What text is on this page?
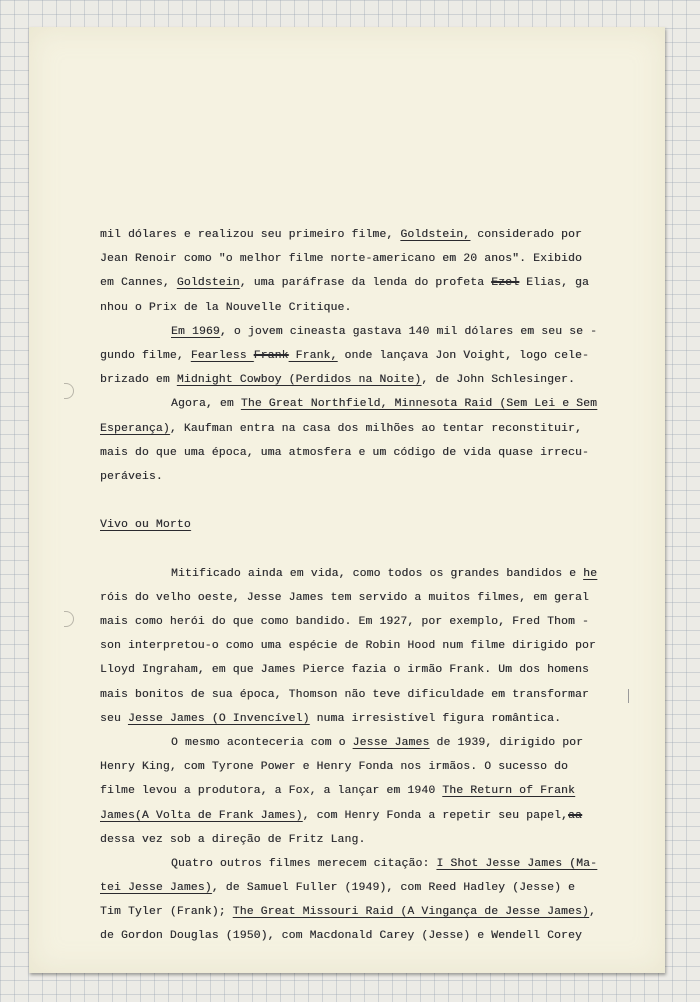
mil dólares e realizou seu primeiro filme, Goldstein, considerado por
Jean Renoir como "o melhor filme norte-americano em 20 anos". Exibido
em Cannes, Goldstein, uma paráfrase da lenda do profeta Ezel Elias, ga
nhou o Prix de la Nouvelle Critique.
Em 1969, o jovem cineasta gastava 140 mil dólares em seu se -
gundo filme, Fearless Frank Frank, onde lançava Jon Voight, logo cele-
brizado em Midnight Cowboy (Perdidos na Noite), de John Schlesinger.
Agora, em The Great Northfield, Minnesota Raid (Sem Lei e Sem
Esperança), Kaufman entra na casa dos milhões ao tentar reconstituir,
mais do que uma época, uma atmosfera e um código de vida quase irrecu-
peráveis.
Vivo ou Morto
Mitificado ainda em vida, como todos os grandes bandidos e he
róis do velho oeste, Jesse James tem servido a muitos filmes, em geral
mais como herói do que como bandido. Em 1927, por exemplo, Fred Thom -
son interpretou-o como uma espécie de Robin Hood num filme dirigido por
Lloyd Ingraham, em que James Pierce fazia o irmão Frank. Um dos homens
mais bonitos de sua época, Thomson não teve dificuldade em transformar
seu Jesse James (O Invencível) numa irresistível figura romântica.
O mesmo aconteceria com o Jesse James de 1939, dirigido por
Henry King, com Tyrone Power e Henry Fonda nos irmãos. O sucesso do
filme levou a produtora, a Fox, a lançar em 1940 The Return of Frank
James(A Volta de Frank James), com Henry Fonda a repetir seu papel,aa
dessa vez sob a direção de Fritz Lang.
Quatro outros filmes merecem citação: I Shot Jesse James (Ma-
tei Jesse James), de Samuel Fuller (1949), com Reed Hadley (Jesse) e
Tim Tyler (Frank); The Great Missouri Raid (A Vingança de Jesse James),
de Gordon Douglas (1950), com Macdonald Carey (Jesse) e Wendell Corey
